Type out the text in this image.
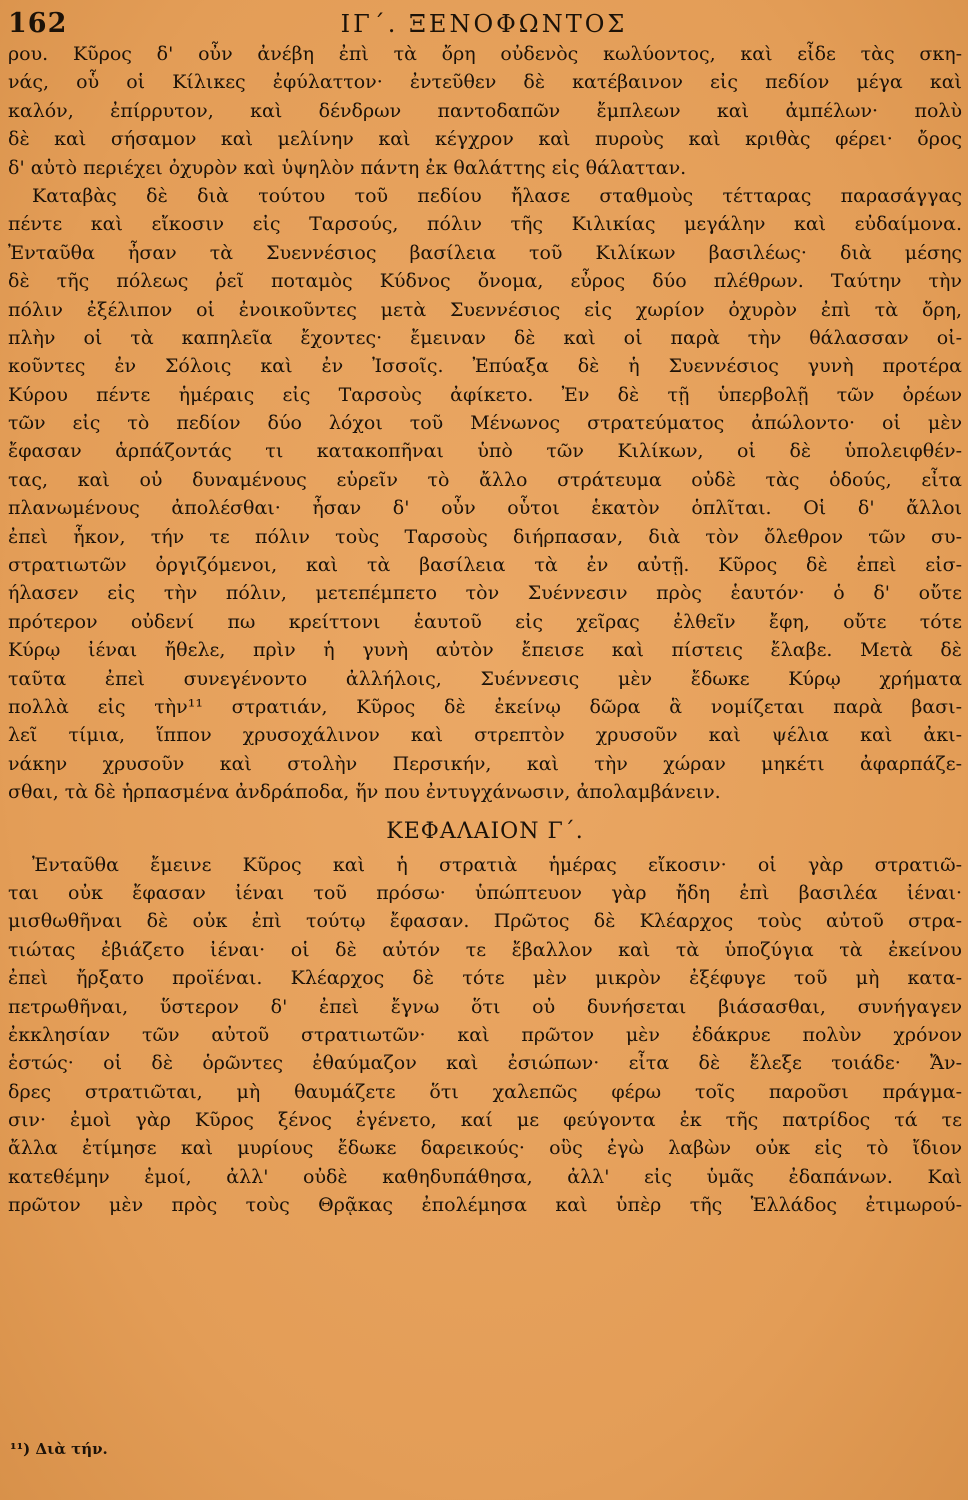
162	ΙΓ΄. ΞΕΝΟΦΩΝΤΟΣ
ρου. Κῦρος δ' οὖν ἀνέβη ἐπὶ τὰ ὄρη οὐδενὸς κωλύοντος, καὶ εἶδε τὰς σκη-
νάς, οὗ οἱ Κίλικες ἐφύλαττον· ἐντεῦθεν δὲ κατέβαινον εἰς πεδίον μέγα καὶ
καλόν, ἐπίρρυτον, καὶ δένδρων παντοδαπῶν ἔμπλεων καὶ ἀμπέλων· πολὺ
δὲ καὶ σήσαμον καὶ μελίνην καὶ κέγχρον καὶ πυροὺς καὶ κριθὰς φέρει· ὄρος
δ' αὐτὸ περιέχει ὀχυρὸν καὶ ὑψηλὸν πάντη ἐκ θαλάττης εἰς θάλατταν.
Καταβὰς δὲ διὰ τούτου τοῦ πεδίου ἤλασε σταθμοὺς τέτταρας παρασάγγας
πέντε καὶ εἴκοσιν εἰς Ταρσούς, πόλιν τῆς Κιλικίας μεγάλην καὶ εὐδαίμονα.
Ἐνταῦθα ἦσαν τὰ Συεννέσιος βασίλεια τοῦ Κιλίκων βασιλέως· διὰ μέσης
δὲ τῆς πόλεως ῥεῖ ποταμὸς Κύδνος ὄνομα, εὖρος δύο πλέθρων. Ταύτην τὴν
πόλιν ἐξέλιπον οἱ ἐνοικοῦντες μετὰ Συεννέσιος εἰς χωρίον ὀχυρὸν ἐπὶ τὰ ὄρη,
πλὴν οἱ τὰ καπηλεῖα ἔχοντες· ἔμειναν δὲ καὶ οἱ παρὰ τὴν θάλασσαν οἰ-
κοῦντες ἐν Σόλοις καὶ ἐν Ἰσσοῖς. Ἐπύαξα δὲ ἡ Συεννέσιος γυνὴ προτέρα
Κύρου πέντε ἡμέραις εἰς Ταρσοὺς ἀφίκετο. Ἐν δὲ τῇ ὑπερβολῇ τῶν ὀρέων
τῶν εἰς τὸ πεδίον δύο λόχοι τοῦ Μένωνος στρατεύματος ἀπώλοντο· οἱ μὲν
ἔφασαν ἁρπάζοντάς τι κατακοπῆναι ὑπὸ τῶν Κιλίκων, οἱ δὲ ὑπολειφθέν-
τας, καὶ οὐ δυναμένους εὑρεῖν τὸ ἄλλο στράτευμα οὐδὲ τὰς ὁδούς, εἶτα
πλανωμένους ἀπολέσθαι· ἦσαν δ' οὖν οὗτοι ἑκατὸν ὁπλῖται. Οἱ δ' ἄλλοι
ἐπεὶ ἧκον, τήν τε πόλιν τοὺς Ταρσοὺς διήρπασαν, διὰ τὸν ὄλεθρον τῶν συ-
στρατιωτῶν ὀργιζόμενοι, καὶ τὰ βασίλεια τὰ ἐν αὐτῇ. Κῦρος δὲ ἐπεὶ εἰσ-
ήλασεν εἰς τὴν πόλιν, μετεπέμπετο τὸν Συέννεσιν πρὸς ἑαυτόν· ὁ δ' οὔτε
πρότερον οὐδενί πω κρείττονι ἑαυτοῦ εἰς χεῖρας ἐλθεῖν ἔφη, οὔτε τότε
Κύρῳ ἰέναι ἤθελε, πρὶν ἡ γυνὴ αὐτὸν ἔπεισε καὶ πίστεις ἔλαβε. Μετὰ δὲ
ταῦτα ἐπεὶ συνεγένοντο ἀλλήλοις, Συέννεσις μὲν ἔδωκε Κύρῳ χρήματα
πολλὰ εἰς τὴν¹¹ στρατιάν, Κῦρος δὲ ἐκείνῳ δῶρα ἃ νομίζεται παρὰ βασι-
λεῖ τίμια, ἵππον χρυσοχάλινον καὶ στρεπτὸν χρυσοῦν καὶ ψέλια καὶ ἀκι-
νάκην χρυσοῦν καὶ στολὴν Περσικήν, καὶ τὴν χώραν μηκέτι ἀφαρπάζε-
σθαι, τὰ δὲ ἡρπασμένα ἀνδράποδα, ἥν που ἐντυγχάνωσιν, ἀπολαμβάνειν.
ΚΕΦΑΛΑΙΟΝ Γ΄.
Ἐνταῦθα ἔμεινε Κῦρος καὶ ἡ στρατιὰ ἡμέρας εἴκοσιν· οἱ γὰρ στρατιῶ-
ται οὐκ ἔφασαν ἰέναι τοῦ πρόσω· ὑπώπτευον γὰρ ἤδη ἐπὶ βασιλέα ἰέναι·
μισθωθῆναι δὲ οὐκ ἐπὶ τούτῳ ἔφασαν. Πρῶτος δὲ Κλέαρχος τοὺς αὐτοῦ στρα-
τιώτας ἐβιάζετο ἰέναι· οἱ δὲ αὐτόν τε ἔβαλλον καὶ τὰ ὑποζύγια τὰ ἐκείνου
ἐπεὶ ἤρξατο προϊέναι. Κλέαρχος δὲ τότε μὲν μικρὸν ἐξέφυγε τοῦ μὴ κατα-
πετρωθῆναι, ὕστερον δ' ἐπεὶ ἔγνω ὅτι οὐ δυνήσεται βιάσασθαι, συνήγαγεν
ἐκκλησίαν τῶν αὐτοῦ στρατιωτῶν· καὶ πρῶτον μὲν ἐδάκρυε πολὺν χρόνον
ἑστώς· οἱ δὲ ὁρῶντες ἐθαύμαζον καὶ ἐσιώπων· εἶτα δὲ ἔλεξε τοιάδε· Ἄν-
δρες στρατιῶται, μὴ θαυμάζετε ὅτι χαλεπῶς φέρω τοῖς παροῦσι πράγμα-
σιν· ἐμοὶ γὰρ Κῦρος ξένος ἐγένετο, καί με φεύγοντα ἐκ τῆς πατρίδος τά τε
ἄλλα ἐτίμησε καὶ μυρίους ἔδωκε δαρεικούς· οὓς ἐγὼ λαβὼν οὐκ εἰς τὸ ἴδιον
κατεθέμην ἐμοί, ἀλλ' οὐδὲ καθηδυπάθησα, ἀλλ' εἰς ὑμᾶς ἐδαπάνων. Καὶ
πρῶτον μὲν πρὸς τοὺς Θρᾷκας ἐπολέμησα καὶ ὑπὲρ τῆς Ἑλλάδος ἐτιμωρού-
¹¹) Διὰ τήν.
